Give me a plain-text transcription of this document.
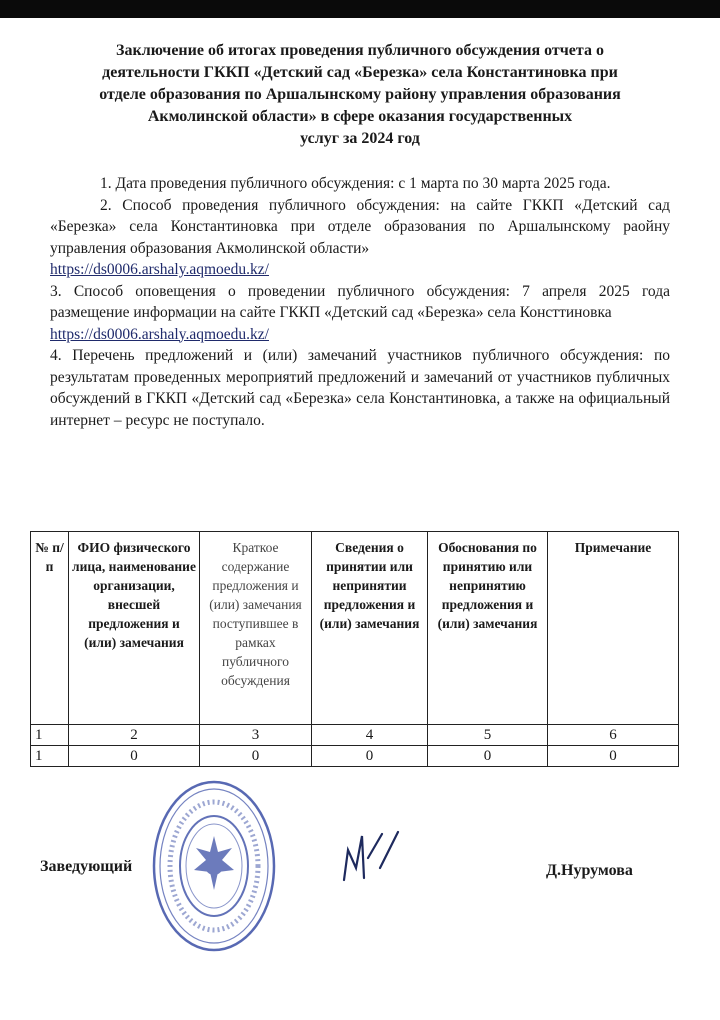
Заключение об итогах проведения публичного обсуждения отчета о
деятельности ГККП «Детский сад «Березка» села Константиновка при
отделе образования по Аршалынскому району управления образования
Акмолинской области» в сфере оказания государственных
услуг за 2024 год

1. Дата проведения публичного обсуждения: с 1 марта по 30 марта 2025 года.

2. Способ проведения публичного обсуждения: на сайте ГККП «Детский сад «Березка» села Константиновка при отделе образования по Аршалынскому раойну управления образования Акмолинской области»

https://ds0006.arshaly.aqmoedu.kz/

3. Способ оповещения о проведении публичного обсуждения: 7 апреля 2025 года размещение информации на сайте ГККП «Детский сад «Березка» села Конcттиновка

https://ds0006.arshaly.aqmoedu.kz/

4. Перечень предложений и (или) замечаний участников публичного обсуждения: по результатам проведенных мероприятий предложений и замечаний от участников публичных обсуждений в ГККП «Детский сад «Березка» села Константиновка, а также на официальный интернет – ресурс не поступало.

№ п/п	ФИО физического лица, наименование организации, внесшей предложения и (или) замечания	Краткое содержание предложения и (или) замечания поступившее в рамках публичного обсуждения	Сведения о принятии или непринятии предложения и (или) замечания	Обоснования по принятию или непринятию предложения и (или) замечания	Примечание
1	2	3	4	5	6
1	0	0	0	0	0
Заведующий	Д.Нурумова
